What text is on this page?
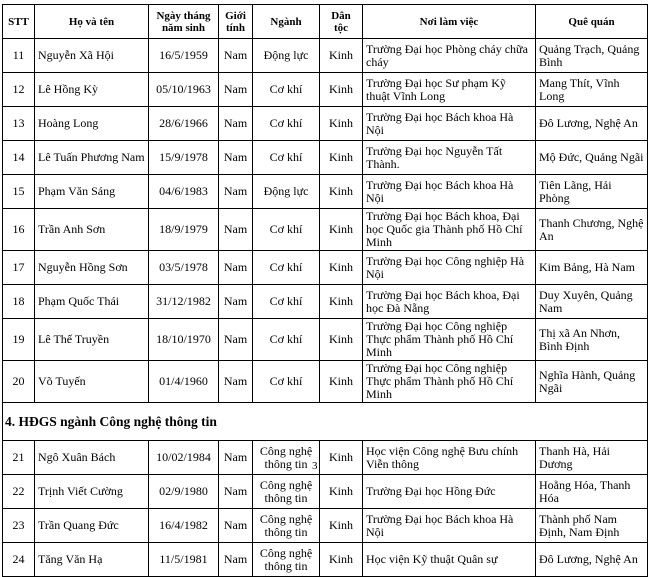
STT	Họ và tên	Ngày tháng năm sinh	Giới tính	Ngành	Dân tộc	Nơi làm việc	Quê quán
11	Nguyễn Xã Hội	16/5/1959	Nam	Động lực	Kinh	Trường Đại học Phòng cháy chữa cháy	Quảng Trạch, Quảng Bình
12	Lê Hồng Kỳ	05/10/1963	Nam	Cơ khí	Kinh	Trường Đại học Sư phạm Kỹ thuật Vĩnh Long	Mang Thít, Vĩnh Long
13	Hoàng Long	28/6/1966	Nam	Cơ khí	Kinh	Trường Đại học Bách khoa Hà Nội	Đô Lương, Nghệ An
14	Lê Tuấn Phương Nam	15/9/1978	Nam	Cơ khí	Kinh	Trường Đại học Nguyễn Tất Thành.	Mộ Đức, Quảng Ngãi
15	Phạm Văn Sáng	04/6/1983	Nam	Động lực	Kinh	Trường Đại học Bách khoa Hà Nội	Tiên Lãng, Hải Phòng
16	Trần Anh Sơn	18/9/1979	Nam	Cơ khí	Kinh	Trường Đại học Bách khoa, Đại học Quốc gia Thành phố Hồ Chí Minh	Thanh Chương, Nghệ An
17	Nguyễn Hồng Sơn	03/5/1978	Nam	Cơ khí	Kinh	Trường Đại học Công nghiệp Hà Nội	Kim Bảng, Hà Nam
18	Phạm Quốc Thái	31/12/1982	Nam	Cơ khí	Kinh	Trường Đại học Bách khoa, Đại học Đà Nẵng	Duy Xuyên, Quảng Nam
19	Lê Thế Truyền	18/10/1970	Nam	Cơ khí	Kinh	Trường Đại học Công nghiệp Thực phẩm Thành phố Hồ Chí Minh	Thị xã An Nhơn, Bình Định
20	Võ Tuyến	01/4/1960	Nam	Cơ khí	Kinh	Trường Đại học Công nghiệp Thực phẩm Thành phố Hồ Chí Minh	Nghĩa Hành, Quảng Ngãi
4. HĐGS ngành Công nghệ thông tin							
21	Ngô Xuân Bách	10/02/1984	Nam	Công nghệ thông tin	Kinh	Học viện Công nghệ Bưu chính Viễn thông	Thanh Hà, Hải Dương
22	Trịnh Viết Cường	02/9/1980	Nam	Công nghệ thông tin	Kinh	Trường Đại học Hồng Đức	Hoằng Hóa, Thanh Hóa
23	Trần Quang Đức	16/4/1982	Nam	Công nghệ thông tin	Kinh	Trường Đại học Bách khoa Hà Nội	Thành phố Nam Định, Nam Định
24	Tăng Văn Hạ	11/5/1981	Nam	Công nghệ thông tin	Kinh	Học viện Kỹ thuật Quân sự	Đô Lương, Nghệ An
3
